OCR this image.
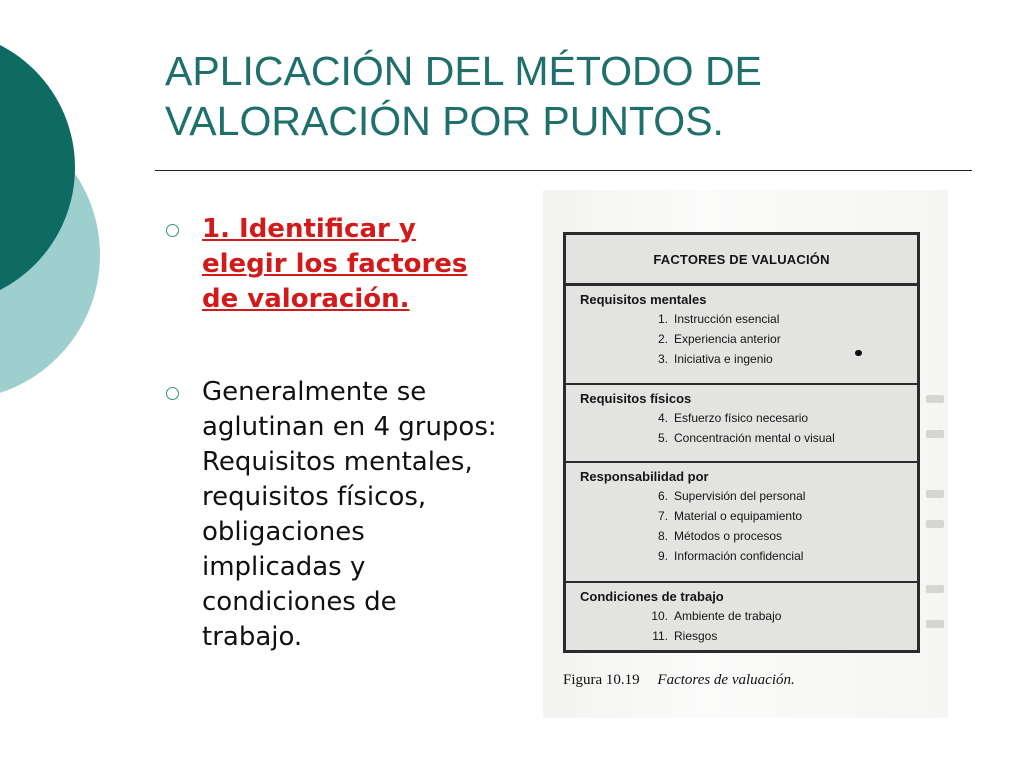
APLICACIÓN DEL MÉTODO DE
VALORACIÓN POR PUNTOS.
1. Identificar y
elegir los factores
de valoración.
Generalmente se
aglutinan en 4 grupos:
Requisitos mentales,
requisitos físicos,
obligaciones
implicadas y
condiciones de
trabajo.
FACTORES DE VALUACIÓN
Requisitos mentales
1. Instrucción esencial
2. Experiencia anterior
3. Iniciativa e ingenio
Requisitos físicos
4. Esfuerzo físico necesario
5. Concentración mental o visual
Responsabilidad por
6. Supervisión del personal
7. Material o equipamiento
8. Métodos o procesos
9. Información confidencial
Condiciones de trabajo
10. Ambiente de trabajo
11. Riesgos
Figura 10.19 Factores de valuación.
